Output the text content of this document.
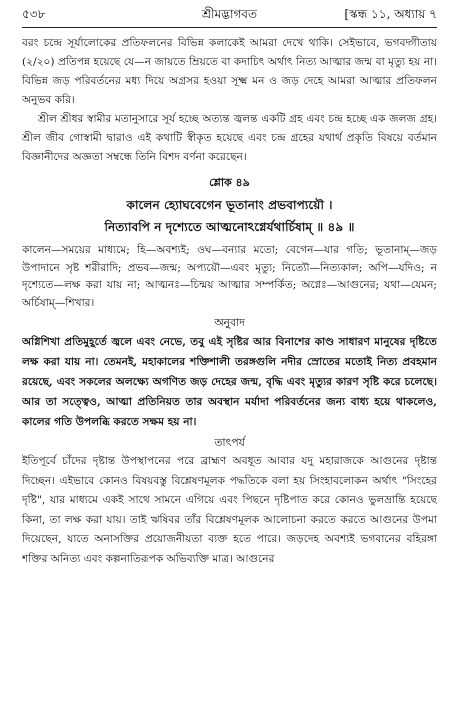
৫৩৮	শ্রীমদ্ভাগবত	[স্কন্ধ ১১, অধ্যায় ৭

বরং চন্দ্রে সূর্যালোকের প্রতিফলনের বিভিন্ন কলাকেই আমরা দেখে থাকি। সেইভাবে, ভগবদ্গীতায় (২/২০) প্রতিপন্ন হয়েছে যে—ন জায়তে ম্রিয়তে বা কদাচিৎ অর্থাৎ নিত্য আত্মার জন্ম বা মৃত্যু হয় না। বিভিন্ন জড় পরিবর্তনের মধ্য দিয়ে অগ্রসর হওয়া সূক্ষ্ম মন ও জড় দেহে আমরা আত্মার প্রতিফলন অনুভব করি।

শ্রীল শ্রীধর স্বামীর মতানুসারে সূর্য হচ্ছে অত্যন্ত জ্বলন্ত একটি গ্রহ এবং চন্দ্র হচ্ছে এক জলজ গ্রহ। শ্রীল জীব গোস্বামী দ্বারাও এই কথাটি স্বীকৃত হয়েছে এবং চন্দ্র গ্রহের যথার্থ প্রকৃতি বিষয়ে বর্তমান বিজ্ঞানীদের অজ্ঞতা সম্বন্ধে তিনি বিশদ বর্ণনা করেছেন।

শ্লোক ৪৯
কালেন হ্যোঘবেগেন ভূতানাং প্রভবাপ্যয়ৌ ।
নিত্যাবপি ন দৃশ্যেতে আত্মনোঽগ্নের্যথার্চিষাম্ ॥ ৪৯ ॥

কালেন—সময়ের মাধ্যমে; হি—অবশ্যই; ওঘ—বন্যার মতো; বেগেন—যার গতি; ভূতানাম্—জড় উপাদানে সৃষ্ট শরীরাদি; প্রভব—জন্ম; অপ্যয়ৌ—এবং মৃত্যু; নিত্যৌ—নিত্যকাল; অপি—যদিও; ন দৃশ্যেতে—লক্ষ করা যায় না; আত্মনঃ—চিন্ময় আত্মার সম্পর্কিত; অগ্নেঃ—আগুনের; যথা—যেমন; অর্চিষাম্—শিখার।

অনুবাদ

অগ্নিশিখা প্রতিমুহূর্তে জ্বলে এবং নেভে, তবু এই সৃষ্টির আর বিনাশের কাণ্ড সাধারণ মানুষের দৃষ্টিতে লক্ষ করা যায় না। তেমনই, মহাকালের শক্তিশালী তরঙ্গগুলি নদীর স্রোতের মতোই নিত্য প্রবহমান রয়েছে, এবং সকলের অলক্ষ্যে অগণিত জড় দেহের জন্ম, বৃদ্ধি এবং মৃত্যুর কারণ সৃষ্টি করে চলেছে। আর তা সত্ত্বেও, আত্মা প্রতিনিয়ত তার অবস্থান মর্যাদা পরিবর্তনের জন্য বাধ্য হয়ে থাকলেও, কালের গতি উপলব্ধি করতে সক্ষম হয় না।

তাৎপর্য

ইতিপূর্বে চাঁদের দৃষ্টান্ত উপস্থাপনের পরে ব্রাহ্মণ অবধূত আবার যদু মহারাজকে আগুনের দৃষ্টান্ত দিচ্ছেন। এইভাবে কোনও বিষয়বস্তু বিশ্লেষণমূলক পদ্ধতিকে বলা হয় সিংহাবলোকন অর্থাৎ "সিংহের দৃষ্টি", যার মাধ্যমে একই সাথে সামনে এগিয়ে এবং পিছনে দৃষ্টিপাত করে কোনও ভুলভ্রান্তি হয়েছে কিনা, তা লক্ষ করা যায়। তাই ঋষিবর তাঁর বিশ্লেষণমূলক আলোচনা করতে করতে আগুনের উপমা দিয়েছেন, যাতে অনাসক্তির প্রয়োজনীয়তা ব্যক্ত হতে পারে। জড়দেহ অবশ্যই ভগবানের বহিরঙ্গা শক্তির অনিত্য এবং কল্পনাতিরূপক অভিব্যক্তি মাত্র। আগুনের
